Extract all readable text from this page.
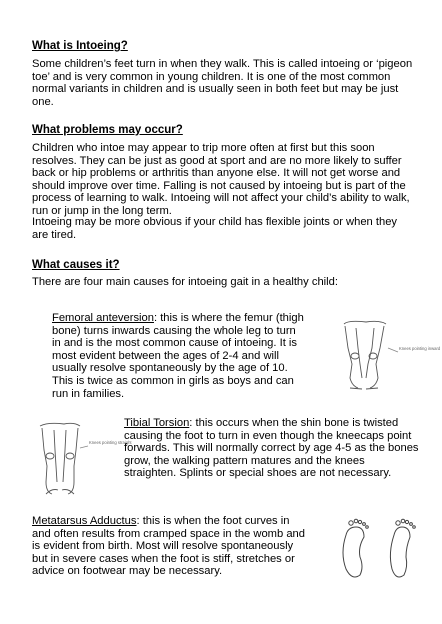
What is Intoeing?
Some children’s feet turn in when they walk. This is called intoeing or ‘pigeon toe’ and is very common in young children. It is one of the most common normal variants in children and is usually seen in both feet but may be just one.
What problems may occur?
Children who intoe may appear to trip more often at first but this soon resolves. They can be just as good at sport and are no more likely to suffer back or hip problems or arthritis than anyone else. It will not get worse and should improve over time. Falling is not caused by intoeing but is part of the process of learning to walk. Intoeing will not affect your child’s ability to walk, run or jump in the long term.
Intoeing may be more obvious if your child has flexible joints or when they are tired.
What causes it?
There are four main causes for intoeing gait in a healthy child:
Femoral anteversion: this is where the femur (thigh bone) turns inwards causing the whole leg to turn in and is the most common cause of intoeing. It is most evident between the ages of 2-4 and will usually resolve spontaneously by the age of 10. This is twice as common in girls as boys and can run in families.
Knees pointing inward
Knees pointing straight
Tibial Torsion: this occurs when the shin bone is twisted causing the foot to turn in even though the kneecaps point forwards. This will normally correct by age 4-5 as the bones grow, the walking pattern matures and the knees straighten. Splints or special shoes are not necessary.
Metatarsus Adductus: this is when the foot curves in and often results from cramped space in the womb and is evident from birth. Most will resolve spontaneously but in severe cases when the foot is stiff, stretches or advice on footwear may be necessary.
